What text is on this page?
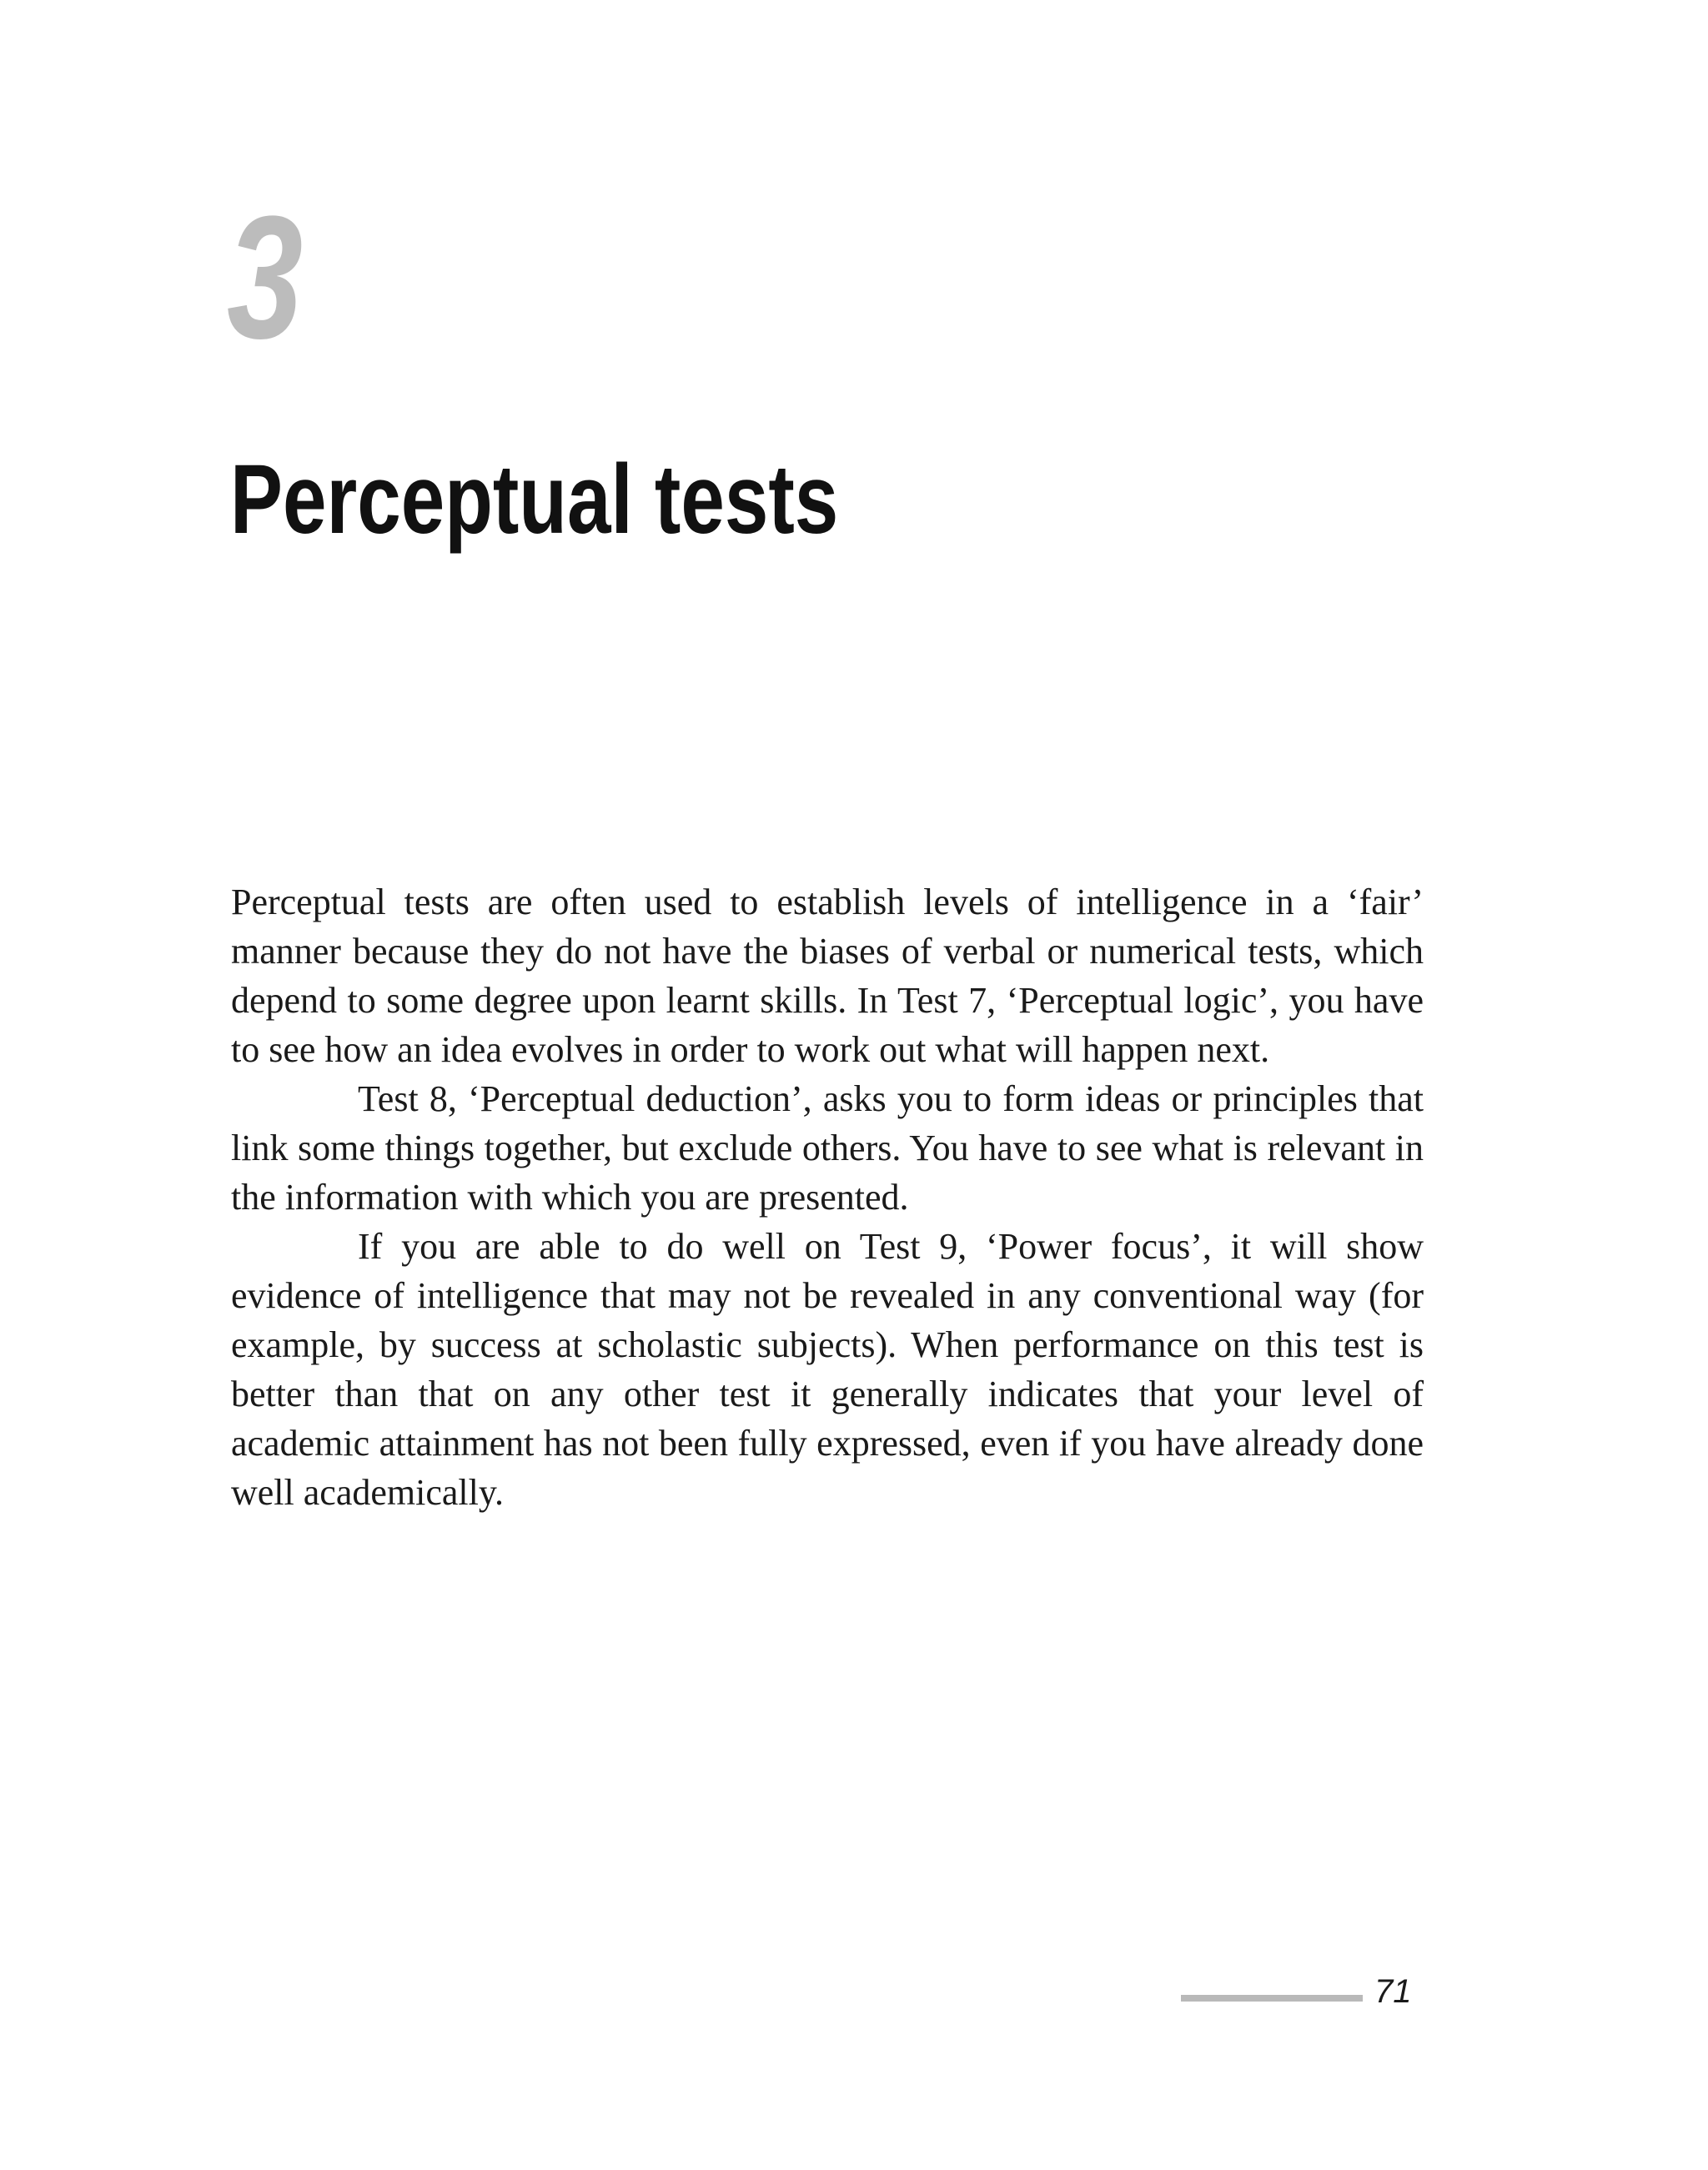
3
Perceptual tests

Perceptual tests are often used to establish levels of intelligence in a ‘fair’ manner because they do not have the biases of verbal or numerical tests, which depend to some degree upon learnt skills. In Test 7, ‘Perceptual logic’, you have to see how an idea evolves in order to work out what will happen next.

Test 8, ‘Perceptual deduction’, asks you to form ideas or principles that link some things together, but exclude others. You have to see what is relevant in the information with which you are presented.

If you are able to do well on Test 9, ‘Power focus’, it will show evidence of intelligence that may not be revealed in any conventional way (for example, by success at scholastic subjects). When performance on this test is better than that on any other test it generally indicates that your level of academic attainment has not been fully expressed, even if you have already done well academically.

71
